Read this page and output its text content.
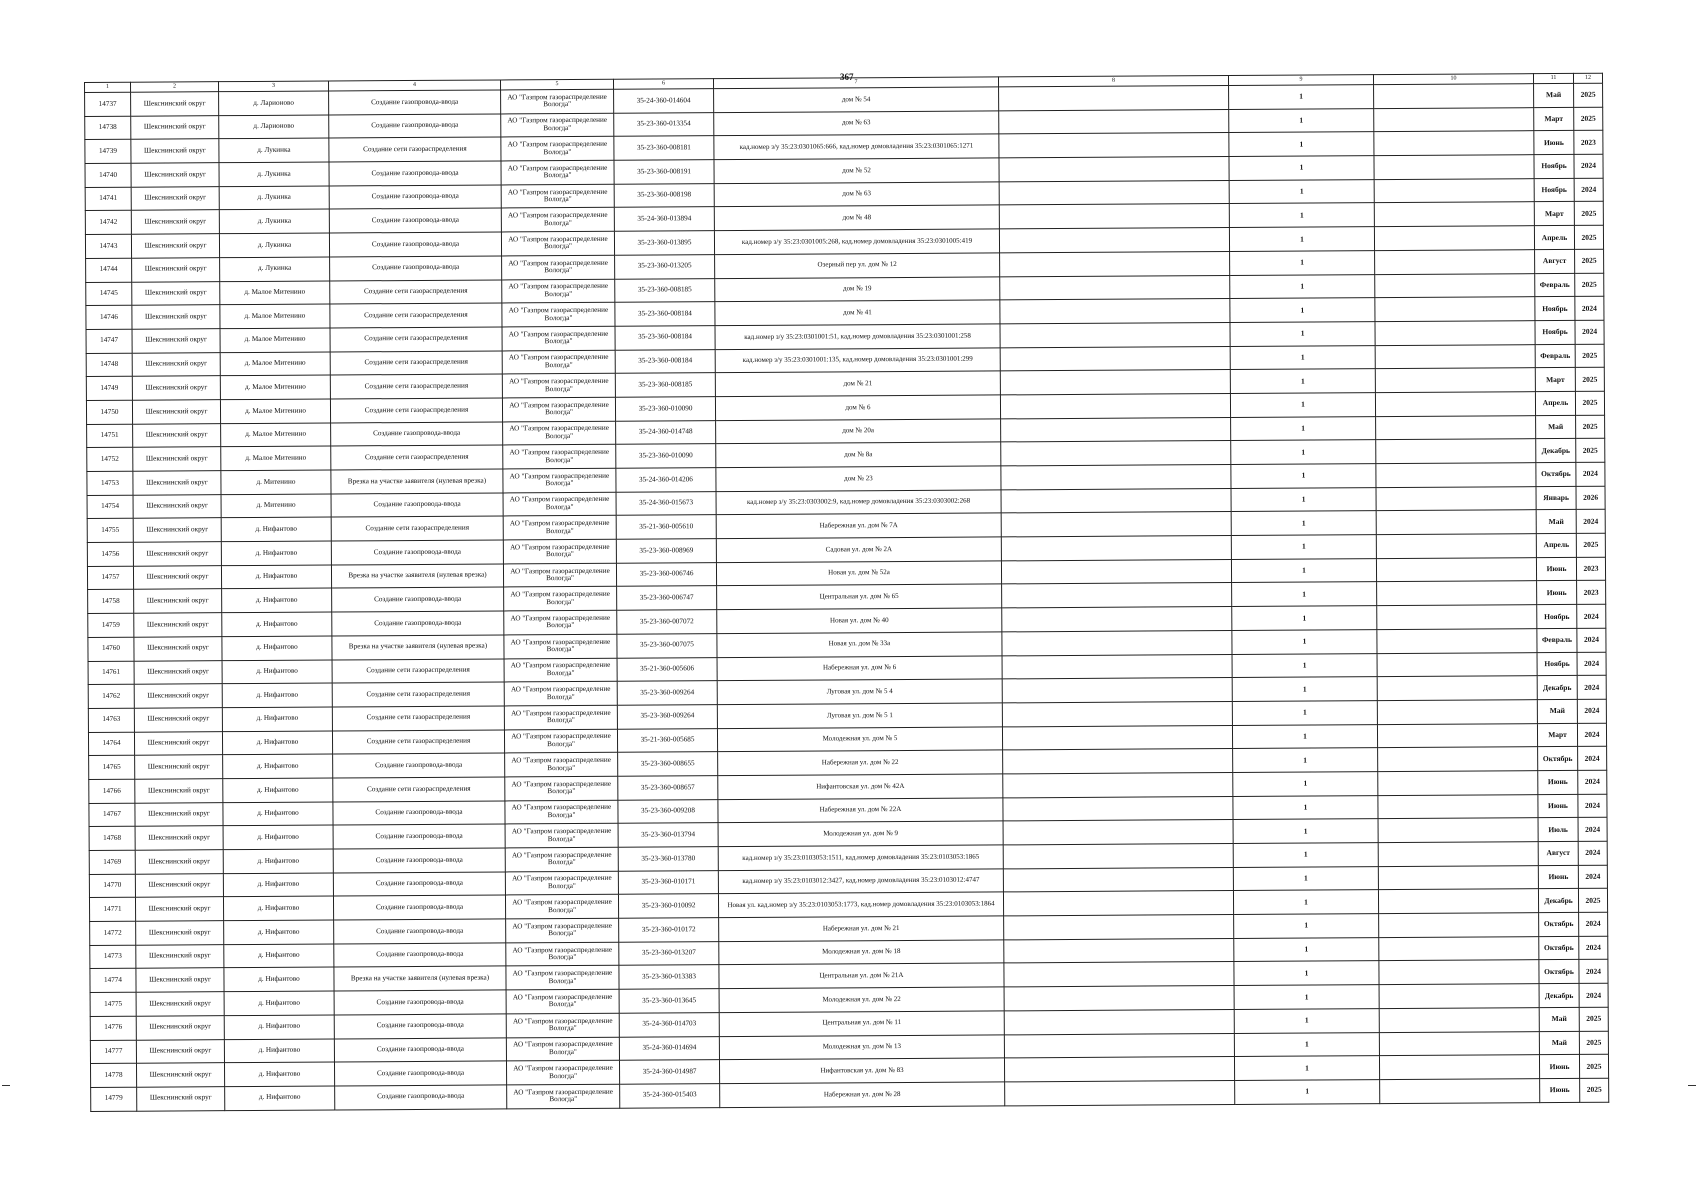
367
1	2	3	4	5	6	7	8	9	10	11	12
14737	Шекснинский округ	д. Ларионово	Создание газопровода-ввода	АО "Газпром газораспределение Вологда"	35-24-360-014604	дом № 54		1		Май	2025
14738	Шекснинский округ	д. Ларионово	Создание газопровода-ввода	АО "Газпром газораспределение Вологда"	35-23-360-013354	дом № 63		1		Март	2025
14739	Шекснинский округ	д. Лукинка	Создание сети газораспределения	АО "Газпром газораспределение Вологда"	35-23-360-008181	кад.номер з/у 35:23:0301065:666, кад.номер домовладения 35:23:0301065:1271		1		Июнь	2023
14740	Шекснинский округ	д. Лукинка	Создание газопровода-ввода	АО "Газпром газораспределение Вологда"	35-23-360-008191	дом № 52		1		Ноябрь	2024
14741	Шекснинский округ	д. Лукинка	Создание газопровода-ввода	АО "Газпром газораспределение Вологда"	35-23-360-008198	дом № 63		1		Ноябрь	2024
14742	Шекснинский округ	д. Лукинка	Создание газопровода-ввода	АО "Газпром газораспределение Вологда"	35-24-360-013894	дом № 48		1		Март	2025
14743	Шекснинский округ	д. Лукинка	Создание газопровода-ввода	АО "Газпром газораспределение Вологда"	35-23-360-013895	кад.номер з/у 35:23:0301005:268, кад.номер домовладения 35:23:0301005:419		1		Апрель	2025
14744	Шекснинский округ	д. Лукинка	Создание газопровода-ввода	АО "Газпром газораспределение Вологда"	35-23-360-013205	Озерный пер ул. дом № 12		1		Август	2025
14745	Шекснинский округ	д. Малое Митенино	Создание сети газораспределения	АО "Газпром газораспределение Вологда"	35-23-360-008185	дом № 19		1		Февраль	2025
14746	Шекснинский округ	д. Малое Митенино	Создание сети газораспределения	АО "Газпром газораспределение Вологда"	35-23-360-008184	дом № 41		1		Ноябрь	2024
14747	Шекснинский округ	д. Малое Митенино	Создание сети газораспределения	АО "Газпром газораспределение Вологда"	35-23-360-008184	кад.номер з/у 35:23:0301001:51, кад.номер домовладения 35:23:0301001:258		1		Ноябрь	2024
14748	Шекснинский округ	д. Малое Митенино	Создание сети газораспределения	АО "Газпром газораспределение Вологда"	35-23-360-008184	кад.номер з/у 35:23:0301001:135, кад.номер домовладения 35:23:0301001:299		1		Февраль	2025
14749	Шекснинский округ	д. Малое Митенино	Создание сети газораспределения	АО "Газпром газораспределение Вологда"	35-23-360-008185	дом № 21		1		Март	2025
14750	Шекснинский округ	д. Малое Митенино	Создание сети газораспределения	АО "Газпром газораспределение Вологда"	35-23-360-010090	дом № 6		1		Апрель	2025
14751	Шекснинский округ	д. Малое Митенино	Создание газопровода-ввода	АО "Газпром газораспределение Вологда"	35-24-360-014748	дом № 20а		1		Май	2025
14752	Шекснинский округ	д. Малое Митенино	Создание сети газораспределения	АО "Газпром газораспределение Вологда"	35-23-360-010090	дом № 8а		1		Декабрь	2025
14753	Шекснинский округ	д. Митенино	Врезка на участке заявителя (нулевая врезка)	АО "Газпром газораспределение Вологда"	35-24-360-014206	дом № 23		1		Октябрь	2024
14754	Шекснинский округ	д. Митенино	Создание газопровода-ввода	АО "Газпром газораспределение Вологда"	35-24-360-015673	кад.номер з/у 35:23:0303002:9, кад.номер домовладения 35:23:0303002:268		1		Январь	2026
14755	Шекснинский округ	д. Нифантово	Создание сети газораспределения	АО "Газпром газораспределение Вологда"	35-21-360-005610	Набережная ул. дом № 7А		1		Май	2024
14756	Шекснинский округ	д. Нифантово	Создание газопровода-ввода	АО "Газпром газораспределение Вологда"	35-23-360-008969	Садовая ул. дом № 2А		1		Апрель	2025
14757	Шекснинский округ	д. Нифантово	Врезка на участке заявителя (нулевая врезка)	АО "Газпром газораспределение Вологда"	35-23-360-006746	Новая ул. дом № 52а		1		Июнь	2023
14758	Шекснинский округ	д. Нифантово	Создание газопровода-ввода	АО "Газпром газораспределение Вологда"	35-23-360-006747	Центральная ул. дом № 65		1		Июнь	2023
14759	Шекснинский округ	д. Нифантово	Создание газопровода-ввода	АО "Газпром газораспределение Вологда"	35-23-360-007072	Новая ул. дом № 40		1		Ноябрь	2024
14760	Шекснинский округ	д. Нифантово	Врезка на участке заявителя (нулевая врезка)	АО "Газпром газораспределение Вологда"	35-23-360-007075	Новая ул. дом № 33а		1		Февраль	2024
14761	Шекснинский округ	д. Нифантово	Создание сети газораспределения	АО "Газпром газораспределение Вологда"	35-21-360-005606	Набережная ул. дом № 6		1		Ноябрь	2024
14762	Шекснинский округ	д. Нифантово	Создание сети газораспределения	АО "Газпром газораспределение Вологда"	35-23-360-009264	Луговая ул. дом № 5 4		1		Декабрь	2024
14763	Шекснинский округ	д. Нифантово	Создание сети газораспределения	АО "Газпром газораспределение Вологда"	35-23-360-009264	Луговая ул. дом № 5 1		1		Май	2024
14764	Шекснинский округ	д. Нифантово	Создание сети газораспределения	АО "Газпром газораспределение Вологда"	35-21-360-005685	Молодежная ул. дом № 5		1		Март	2024
14765	Шекснинский округ	д. Нифантово	Создание газопровода-ввода	АО "Газпром газораспределение Вологда"	35-23-360-008655	Набережная ул. дом № 22		1		Октябрь	2024
14766	Шекснинский округ	д. Нифантово	Создание сети газораспределения	АО "Газпром газораспределение Вологда"	35-23-360-008657	Нифантовская ул. дом № 42А		1		Июнь	2024
14767	Шекснинский округ	д. Нифантово	Создание газопровода-ввода	АО "Газпром газораспределение Вологда"	35-23-360-009208	Набережная ул. дом № 22А		1		Июнь	2024
14768	Шекснинский округ	д. Нифантово	Создание газопровода-ввода	АО "Газпром газораспределение Вологда"	35-23-360-013794	Молодежная ул. дом № 9		1		Июль	2024
14769	Шекснинский округ	д. Нифантово	Создание газопровода-ввода	АО "Газпром газораспределение Вологда"	35-23-360-013780	кад.номер з/у 35:23:0103053:1511, кад.номер домовладения 35:23:0103053:1865		1		Август	2024
14770	Шекснинский округ	д. Нифантово	Создание газопровода-ввода	АО "Газпром газораспределение Вологда"	35-23-360-010171	кад.номер з/у 35:23:0103012:3427, кад.номер домовладения 35:23:0103012:4747		1		Июнь	2024
14771	Шекснинский округ	д. Нифантово	Создание газопровода-ввода	АО "Газпром газораспределение Вологда"	35-23-360-010092	Новая ул. кад.номер з/у 35:23:0103053:1773, кад.номер домовладения 35:23:0103053:1864		1		Декабрь	2025
14772	Шекснинский округ	д. Нифантово	Создание газопровода-ввода	АО "Газпром газораспределение Вологда"	35-23-360-010172	Набережная ул. дом № 21		1		Октябрь	2024
14773	Шекснинский округ	д. Нифантово	Создание газопровода-ввода	АО "Газпром газораспределение Вологда"	35-23-360-013207	Молодежная ул. дом № 18		1		Октябрь	2024
14774	Шекснинский округ	д. Нифантово	Врезка на участке заявителя (нулевая врезка)	АО "Газпром газораспределение Вологда"	35-23-360-013383	Центральная ул. дом № 21А		1		Октябрь	2024
14775	Шекснинский округ	д. Нифантово	Создание газопровода-ввода	АО "Газпром газораспределение Вологда"	35-23-360-013645	Молодежная ул. дом № 22		1		Декабрь	2024
14776	Шекснинский округ	д. Нифантово	Создание газопровода-ввода	АО "Газпром газораспределение Вологда"	35-24-360-014703	Центральная ул. дом № 11		1		Май	2025
14777	Шекснинский округ	д. Нифантово	Создание газопровода-ввода	АО "Газпром газораспределение Вологда"	35-24-360-014694	Молодежная ул. дом № 13		1		Май	2025
14778	Шекснинский округ	д. Нифантово	Создание газопровода-ввода	АО "Газпром газораспределение Вологда"	35-24-360-014987	Нифантовская ул. дом № 83		1		Июнь	2025
14779	Шекснинский округ	д. Нифантово	Создание газопровода-ввода	АО "Газпром газораспределение Вологда"	35-24-360-015403	Набережная ул. дом № 28		1		Июнь	2025
